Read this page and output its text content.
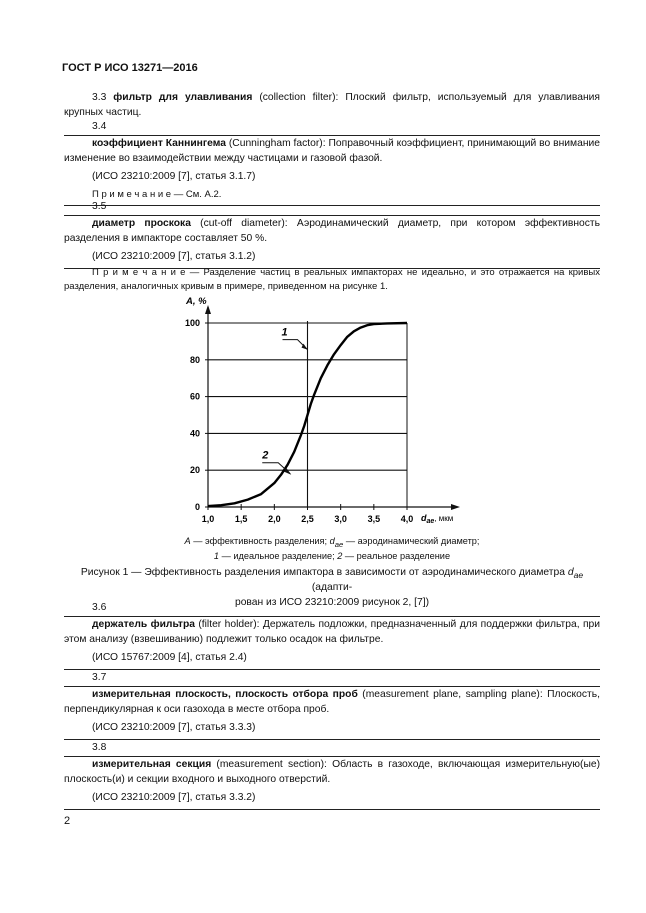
ГОСТ Р ИСО 13271—2016

3.3 фильтр для улавливания (collection filter): Плоский фильтр, используемый для улавливания крупных частиц.

3.4

коэффициент Каннингема (Cunningham factor): Поправочный коэффициент, принимающий во внимание изменение во взаимодействии между частицами и газовой фазой.

(ИСО 23210:2009 [7], статья 3.1.7)

П р и м е ч а н и е — См. А.2.

3.5

диаметр проскока (cut-off diameter): Аэродинамический диаметр, при котором эффективность разделения в импакторе составляет 50 %.

(ИСО 23210:2009 [7], статья 3.1.2)

П р и м е ч а н и е — Разделение частиц в реальных импакторах не идеально, и это отражается на кривых разделения, аналогичных кривым в примере, приведенном на рисунке 1.

1,0 1,5 2,0 2,5 3,0 3,5 4,0
0
20
40
60
80
100
1
2
A, %
$d_{ae}$, мкм
A — эффективность разделения; $d_{ae}$ — аэродинамический диаметр;
1 — идеальное разделение; 2 — реальное разделение
Рисунок 1 — Эффективность разделения импактора в зависимости от аэродинамического диаметра $d_{ae}$ (адапти-
рован из ИСО 23210:2009 рисунок 2, [7])
3.6

держатель фильтра (filter holder): Держатель подложки, предназначенный для поддержки фильтра, при этом анализу (взвешиванию) подлежит только осадок на фильтре.

(ИСО 15767:2009 [4], статья 2.4)

3.7

измерительная плоскость, плоскость отбора проб (measurement plane, sampling plane): Плоскость, перпендикулярная к оси газохода в месте отбора проб.

(ИСО 23210:2009 [7], статья 3.3.3)

3.8

измерительная секция (measurement section): Область в газоходе, включающая измерительную(ые) плоскость(и) и секции входного и выходного отверстий.

(ИСО 23210:2009 [7], статья 3.3.2)

2
